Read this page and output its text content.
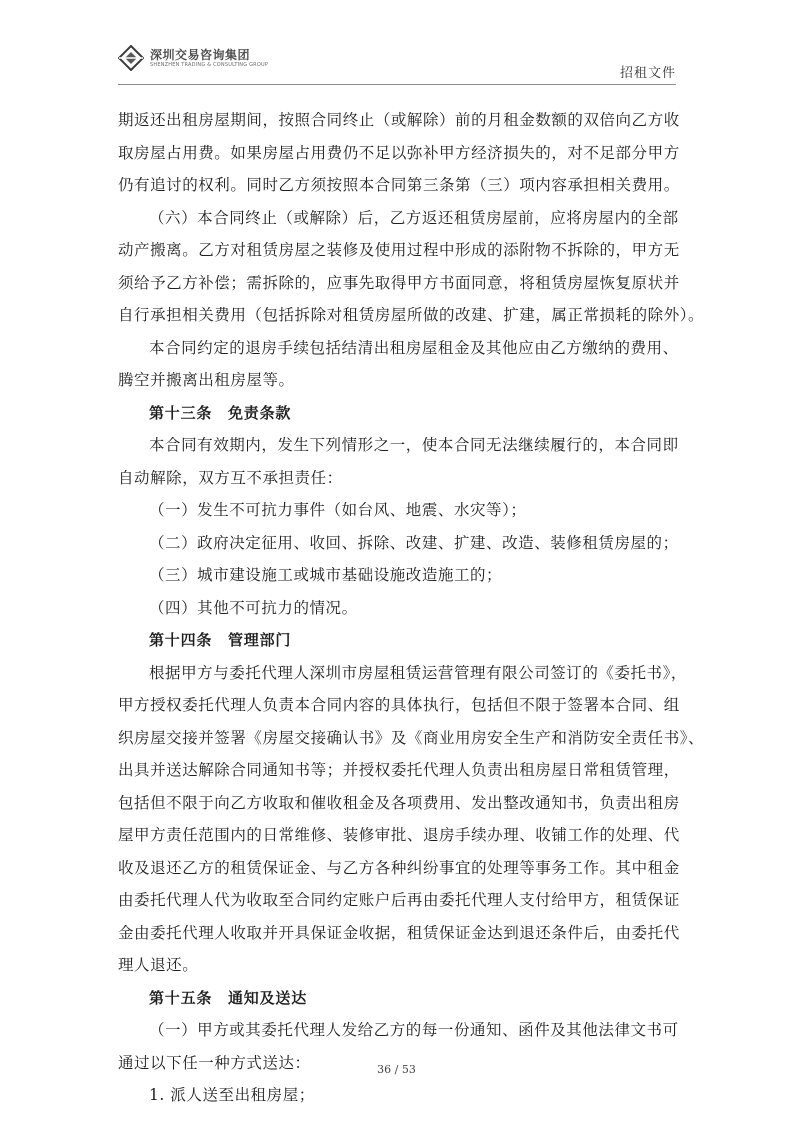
深圳交易咨询集团
SHENZHEN TRADING & CONSULTING GROUP
招租文件
期返还出租房屋期间，按照合同终止（或解除）前的月租金数额的双倍向乙方收
取房屋占用费。如果房屋占用费仍不足以弥补甲方经济损失的，对不足部分甲方
仍有追讨的权利。同时乙方须按照本合同第三条第（三）项内容承担相关费用。
（六）本合同终止（或解除）后，乙方返还租赁房屋前，应将房屋内的全部
动产搬离。乙方对租赁房屋之装修及使用过程中形成的添附物不拆除的，甲方无
须给予乙方补偿；需拆除的，应事先取得甲方书面同意，将租赁房屋恢复原状并
自行承担相关费用（包括拆除对租赁房屋所做的改建、扩建，属正常损耗的除外）。
本合同约定的退房手续包括结清出租房屋租金及其他应由乙方缴纳的费用、
腾空并搬离出租房屋等。
第十三条　免责条款
本合同有效期内，发生下列情形之一，使本合同无法继续履行的，本合同即
自动解除，双方互不承担责任：
（一）发生不可抗力事件（如台风、地震、水灾等）；
（二）政府决定征用、收回、拆除、改建、扩建、改造、装修租赁房屋的；
（三）城市建设施工或城市基础设施改造施工的；
（四）其他不可抗力的情况。
第十四条　管理部门
根据甲方与委托代理人深圳市房屋租赁运营管理有限公司签订的《委托书》，
甲方授权委托代理人负责本合同内容的具体执行，包括但不限于签署本合同、组
织房屋交接并签署《房屋交接确认书》及《商业用房安全生产和消防安全责任书》、
出具并送达解除合同通知书等；并授权委托代理人负责出租房屋日常租赁管理，
包括但不限于向乙方收取和催收租金及各项费用、发出整改通知书，负责出租房
屋甲方责任范围内的日常维修、装修审批、退房手续办理、收铺工作的处理、代
收及退还乙方的租赁保证金、与乙方各种纠纷事宜的处理等事务工作。其中租金
由委托代理人代为收取至合同约定账户后再由委托代理人支付给甲方，租赁保证
金由委托代理人收取并开具保证金收据，租赁保证金达到退还条件后，由委托代
理人退还。
第十五条　通知及送达
（一）甲方或其委托代理人发给乙方的每一份通知、函件及其他法律文书可
通过以下任一种方式送达：
1. 派人送至出租房屋；
36 / 53
